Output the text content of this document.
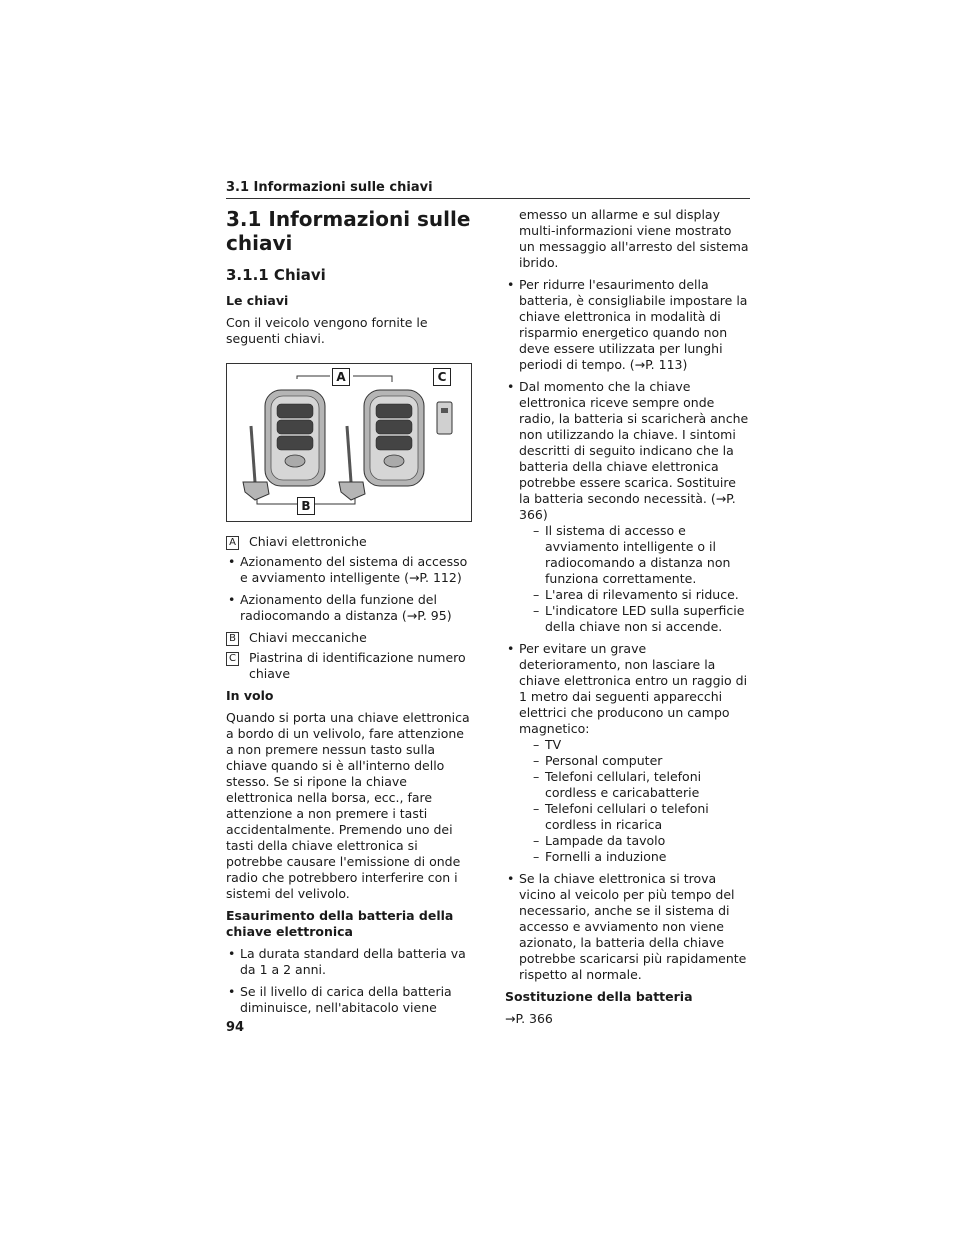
3.1 Informazioni sulle chiavi
3.1 Informazioni sulle chiavi
3.1.1 Chiavi
Le chiavi

Con il veicolo vengono fornite le seguenti chiavi.

A	C
B
A Chiavi elettroniche
• Azionamento del sistema di accesso e avviamento intelligente (→P. 112)
• Azionamento della funzione del radiocomando a distanza (→P. 95)
B Chiavi meccaniche
C Piastrina di identificazione numero chiave
In volo

Quando si porta una chiave elettronica a bordo di un velivolo, fare attenzione a non premere nessun tasto sulla chiave quando si è all'interno dello stesso. Se si ripone la chiave elettronica nella borsa, ecc., fare attenzione a non premere i tasti accidentalmente. Premendo uno dei tasti della chiave elettronica si potrebbe causare l'emissione di onde radio che potrebbero interferire con i sistemi del velivolo.

Esaurimento della batteria della chiave elettronica
• La durata standard della batteria va da 1 a 2 anni.
• Se il livello di carica della batteria diminuisce, nell'abitacolo viene

emesso un allarme e sul display multi-informazioni viene mostrato un messaggio all'arresto del sistema ibrido.

• Per ridurre l'esaurimento della batteria, è consigliabile impostare la chiave elettronica in modalità di risparmio energetico quando non deve essere utilizzata per lunghi periodi di tempo. (→P. 113)
• Dal momento che la chiave elettronica riceve sempre onde radio, la batteria si scaricherà anche non utilizzando la chiave. I sintomi descritti di seguito indicano che la batteria della chiave elettronica potrebbe essere scarica. Sostituire la batteria secondo necessità. (→P. 366)
– Il sistema di accesso e avviamento intelligente o il radiocomando a distanza non funziona correttamente.
– L'area di rilevamento si riduce.
– L'indicatore LED sulla superficie della chiave non si accende.
• Per evitare un grave deterioramento, non lasciare la chiave elettronica entro un raggio di 1 metro dai seguenti apparecchi elettrici che producono un campo magnetico:
– TV
– Personal computer
– Telefoni cellulari, telefoni cordless e caricabatterie
– Telefoni cellulari o telefoni cordless in ricarica
– Lampade da tavolo
– Fornelli a induzione
• Se la chiave elettronica si trova vicino al veicolo per più tempo del necessario, anche se il sistema di accesso e avviamento non viene azionato, la batteria della chiave potrebbe scaricarsi più rapidamente rispetto al normale.
Sostituzione della batteria

→P. 366

94
